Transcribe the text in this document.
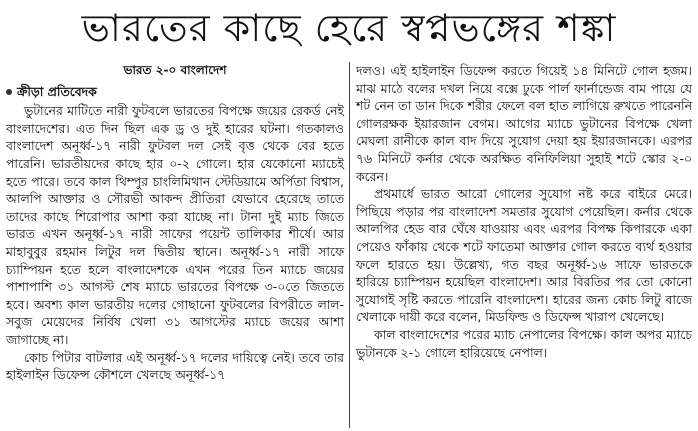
ভারতের কাছে হেরে স্বপ্নভঙ্গের শঙ্কা
ভারত ২-০ বাংলাদেশ
ক্রীড়া প্রতিবেদক

ভুটানের মাটিতে নারী ফুটবলে ভারতের বিপক্ষে জয়ের রেকর্ড নেই বাংলাদেশের। এত দিন ছিল এক ড্র ও দুই হারের ঘটনা। গতকালও বাংলাদেশ অনূর্ধ্ব-১৭ নারী ফুটবল দল সেই বৃত্ত থেকে বের হতে পারেনি। ভারতীয়দের কাছে হার ০-২ গোলে। হার যেকোনো ম্যাচেই হতে পারে। তবে কাল থিম্পুর চাংলিমিথান স্টেডিয়ামে অর্পিতা বিশ্বাস, আলপি আক্তার ও সৌরভী আকন্দ প্রীতিরা যেভাবে হেরেছে তাতে তাদের কাছে শিরোপার আশা করা যাচ্ছে না। টানা দুই ম্যাচ জিতে ভারত এখন অনূর্ধ্ব-১৭ নারী সাফের পয়েন্ট তালিকার শীর্ষে। আর মাহাবুবুর রহমান লিটুর দল দ্বিতীয় স্থানে। অনূর্ধ্ব-১৭ নারী সাফে চ্যাম্পিয়ন হতে হলে বাংলাদেশকে এখন পরের তিন ম্যাচে জয়ের পাশাপাশি ৩১ আগস্ট শেষ ম্যাচে ভারতের বিপক্ষে ৩-০তে জিততে হবে। অবশ্য কাল ভারতীয় দলের গোছানো ফুটবলের বিপরীতে লাল-সবুজ মেয়েদের নির্বিষ খেলা ৩১ আগস্টের ম্যাচে জয়ের আশা জাগাচ্ছে না।

কোচ পিটার বাটলার এই অনূর্ধ্ব-১৭ দলের দায়িত্বে নেই। তবে তার হাইলাইন ডিফেন্স কৌশলে খেলছে অনূর্ধ্ব-১৭

দলও। এই হাইলাইন ডিফেন্স করতে গিয়েই ১৪ মিনিটে গোল হজম। মাঝ মাঠে বলের দখল নিয়ে বক্সে ঢুকে পার্ল ফার্নান্ডেজ বাম পায়ে যে শট নেন তা ডান দিকে শরীর ফেলে বল হাত লাগিয়ে রুখতে পারেননি গোলরক্ষক ইয়ারজান বেগম। আগের ম্যাচে ভুটানের বিপক্ষে খেলা মেঘলা রানীকে কাল বাদ দিয়ে সুযোগ দেয়া হয় ইয়ারজানকে। এরপর ৭৬ মিনিটে কর্নার থেকে অরক্ষিত বনিফিলিয়া সুহাই শটে স্কোর ২-০ করেন।

প্রথমার্ধে ভারত আরো গোলের সুযোগ নষ্ট করে বাইরে মেরে। পিছিয়ে পড়ার পর বাংলাদেশ সমতার সুযোগ পেয়েছিল। কর্নার থেকে আলপির হেড বার ঘেঁষে যাওয়ায় এবং এরপর বিপক্ষ কিপারকে একা পেয়েও ফাঁকায় থেকে শটে ফাতেমা আক্তার গোল করতে ব্যর্থ হওয়ার ফলে হারতে হয়। উল্লেখ্য, গত বছর অনূর্ধ্ব-১৬ সাফে ভারতকে হারিয়ে চ্যাম্পিয়ন হয়েছিল বাংলাদেশ। আর বিরতির পর তো কোনো সুযোগই সৃষ্টি করতে পারেনি বাংলাদেশ। হারের জন্য কোচ লিটু বাজে খেলাকে দায়ী করে বলেন, মিডফিল্ড ও ডিফেন্স খারাপ খেলেছে।

কাল বাংলাদেশের পরের ম্যাচ নেপালের বিপক্ষে। কাল অপর ম্যাচে ভুটানকে ২-১ গোলে হারিয়েছে নেপাল।
